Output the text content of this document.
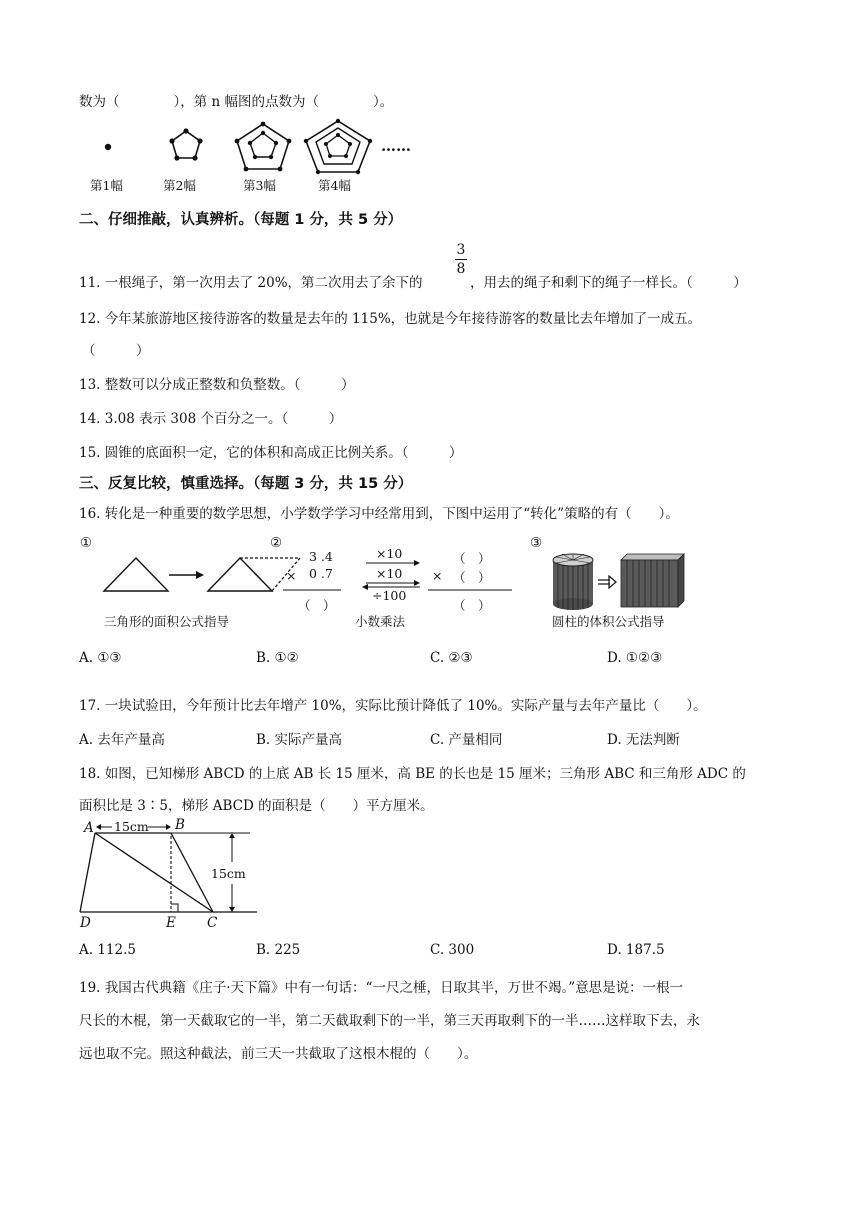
数为（　　　　），第 n 幅图的点数为（　　　　）。
……
第1幅	第2幅	第3幅	第4幅
二、仔细推敲，认真辨析。（每题 1 分，共 5 分）
11. 一根绳子，第一次用去了 20%，第二次用去了余下的
3
8
，用去的绳子和剩下的绳子一样长。（　　　）
12. 今年某旅游地区接待游客的数量是去年的 115%，也就是今年接待游客的数量比去年增加了一成五。
（　　　）
13. 整数可以分成正整数和负整数。（　　　）
14. 3.08 表示 308 个百分之一。（　　　）
15. 圆锥的底面积一定，它的体积和高成正比例关系。（　　　）
三、反复比较，慎重选择。（每题 3 分，共 15 分）
16. 转化是一种重要的数学思想，小学数学学习中经常用到，下图中运用了“转化”策略的有（　　）。
①	②	③
3 .4
× 0 .7
（　）
×10
×10
÷100
（　）
× （　）
（　）
三角形的面积公式指导	小数乘法	圆柱的体积公式指导
A. ①③	B. ①②	C. ②③	D. ①②③
17. 一块试验田，今年预计比去年增产 10%，实际比预计降低了 10%。实际产量与去年产量比（　　）。
A. 去年产量高	B. 实际产量高	C. 产量相同	D. 无法判断
18. 如图，已知梯形 ABCD 的上底 AB 长 15 厘米，高 BE 的长也是 15 厘米；三角形 ABC 和三角形 ADC 的
面积比是 3∶5，梯形 ABCD 的面积是（　　）平方厘米。
15cm
15cm
A	B
D	E C
A. 112.5	B. 225	C. 300	D. 187.5
19. 我国古代典籍《庄子·天下篇》中有一句话：“一尺之棰，日取其半，万世不竭。”意思是说：一根一
尺长的木棍，第一天截取它的一半，第二天截取剩下的一半，第三天再取剩下的一半……这样取下去，永
远也取不完。照这种截法，前三天一共截取了这根木棍的（　　）。
